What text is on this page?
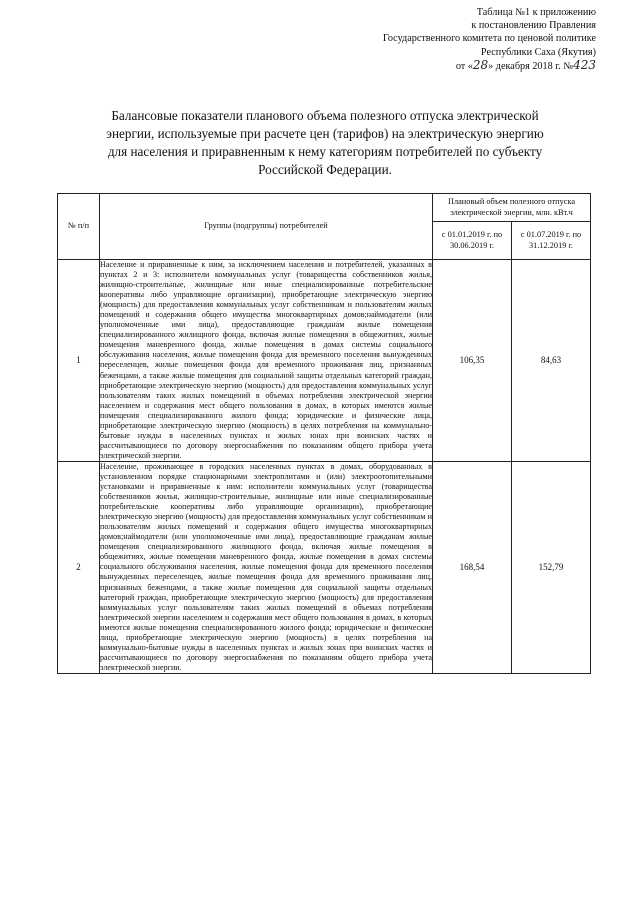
Таблица №1 к приложению
к постановлению Правления
Государственного комитета по ценовой политике
Республики Саха (Якутия)
от «28» декабря 2018 г. №423
Балансовые показатели планового объема полезного отпуска электрической
энергии, используемые при расчете цен (тарифов) на электрическую энергию
для населения и приравненным к нему категориям потребителей по субъекту
Российской Федерации.
№ п/п	Группы (подгруппы) потребителей	Плановый объем полезного отпуска электрической энергии, млн. кВт.ч	
		с 01.01.2019 г. по 30.06.2019 г.	с 01.07.2019 г. по 31.12.2019 г.
1	Население и приравненные к ним, за исключением населения и потребителей, указанных в пунктах 2 и 3: исполнители коммунальных услуг (товарищества собственников жилья, жилищно-строительные, жилищные или иные специализированные потребительские кооперативы либо управляющие организации), приобретающие электрическую энергию (мощность) для предоставления коммунальных услуг собственникам и пользователям жилых помещений и содержания общего имущества многоквартирных домов;наймодатели (или уполномоченные ими лица), предоставляющие гражданам жилые помещения специализированного жилищного фонда, включая жилые помещения в общежитиях, жилые помещения маневренного фонда, жилые помещения в домах системы социального обслуживания населения, жилые помещения фонда для временного поселения вынужденных переселенцев, жилые помещения фонда для временного проживания лиц, признанных беженцами, а также жилые помещения для социальной защиты отдельных категорий граждан, приобретающие электрическую энергию (мощность) для предоставления коммунальных услуг пользователям таких жилых помещений в объемах потребления электрической энергии населением и содержания мест общего пользования в домах, в которых имеются жилые помещения специализированного жилого фонда; юридические и физические лица, приобретающие электрическую энергию (мощность) в целях потребления на коммунально-бытовые нужды в населенных пунктах и жилых зонах при воинских частях и рассчитывающиеся по договору энергоснабжения по показаниям общего прибора учета электрической энергии.	106,35	84,63
2	Население, проживающее в городских населенных пунктах в домах, оборудованных в установленном порядке стационарными электроплитами и (или) электроотопительными установками и приравненные к ним: исполнители коммунальных услуг (товарищества собственников жилья, жилищно-строительные, жилищные или иные специализированные потребительские кооперативы либо управляющие организации), приобретающие электрическую энергию (мощность) для предоставления коммунальных услуг собственникам и пользователям жилых помещений и содержания общего имущества многоквартирных домов;наймодатели (или уполномоченные ими лица), предоставляющие гражданам жилые помещения специализированного жилищного фонда, включая жилые помещения в общежитиях, жилые помещения маневренного фонда, жилые помещения в домах системы социального обслуживания населения, жилые помещения фонда для временного поселения вынужденных переселенцев, жилые помещения фонда для временного проживания лиц, признанных беженцами, а также жилые помещения для социальной защиты отдельных категорий граждан, приобретающие электрическую энергию (мощность) для предоставления коммунальных услуг пользователям таких жилых помещений в объемах потребления электрической энергии населением и содержания мест общего пользования в домах, в которых имеются жилые помещения специализированного жилого фонда; юридические и физические лица, приобретающие электрическую энергию (мощность) в целях потребления на коммунально-бытовые нужды в населенных пунктах и жилых зонах при воинских частях и рассчитывающиеся по договору энергоснабжения по показаниям общего прибора учета электрической энергии.	168,54	152,79
